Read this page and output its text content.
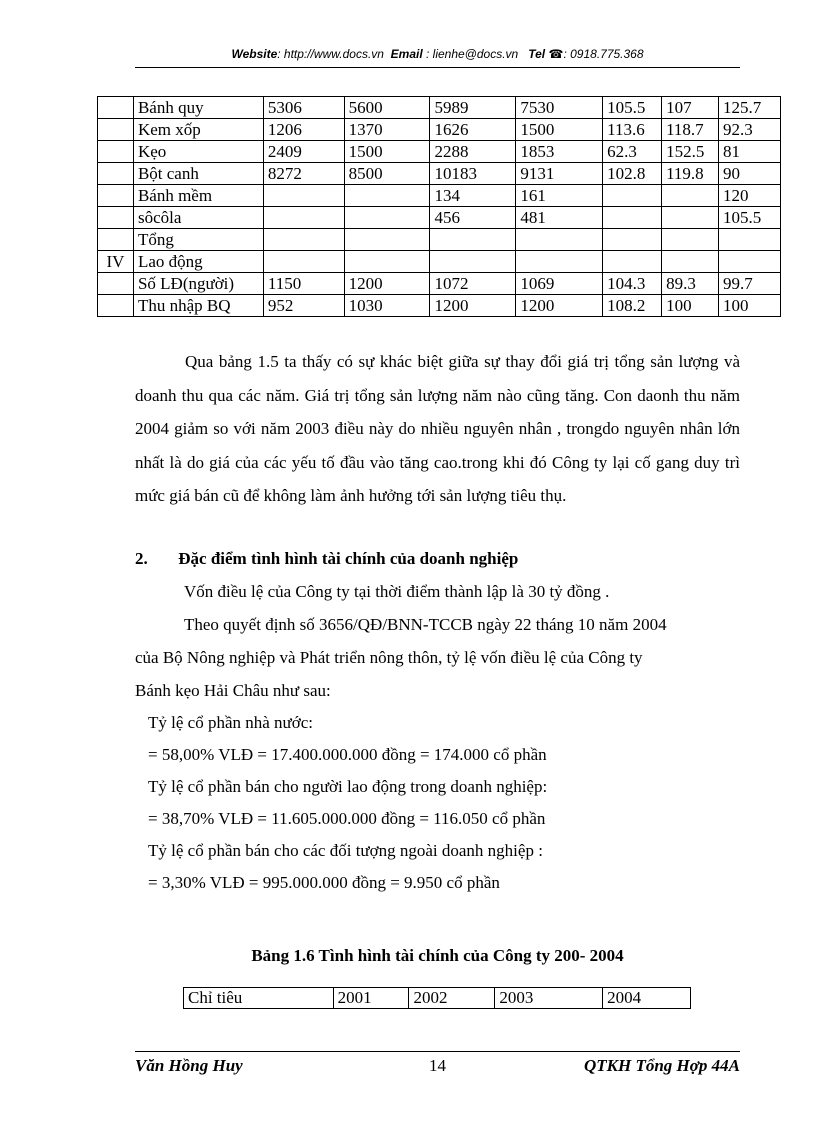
Website: http://www.docs.vn Email : lienhe@docs.vn Tel ☎: 0918.775.368
	Bánh quy	5306	5600	5989	7530	105.5	107	125.7
	Kem xốp	1206	1370	1626	1500	113.6	118.7	92.3
	Kẹo	2409	1500	2288	1853	62.3	152.5	81
	Bột canh	8272	8500	10183	9131	102.8	119.8	90
	Bánh mềm			134	161			120
	sôcôla			456	481			105.5
	Tổng							
IV	Lao động							
	Số LĐ(người)	1150	1200	1072	1069	104.3	89.3	99.7
	Thu nhập BQ	952	1030	1200	1200	108.2	100	100
Qua bảng 1.5 ta thấy có sự khác biệt giữa sự thay đổi giá trị tổng sản lượng và doanh thu qua các năm. Giá trị tổng sản lượng năm nào cũng tăng. Con daonh thu năm 2004 giảm so với năm 2003 điều này do nhiều nguyên nhân , trongdo nguyên nhân lớn nhất là do giá của các yếu tố đầu vào tăng cao.trong khi đó Công ty lại cố gang duy trì mức giá bán cũ để không làm ảnh hưởng tới sản lượng tiêu thụ.
2. Đặc điểm tình hình tài chính của doanh nghiệp
Vốn điều lệ của Công ty tại thời điểm thành lập là 30 tỷ đồng .
Theo quyết định số 3656/QĐ/BNN-TCCB ngày 22 tháng 10 năm 2004
của Bộ Nông nghiệp và Phát triển nông thôn, tỷ lệ vốn điều lệ của Công ty
Bánh kẹo Hải Châu như sau:
Tỷ lệ cổ phần nhà nước:
= 58,00% VLĐ = 17.400.000.000 đồng = 174.000 cổ phần
Tỷ lệ cổ phần bán cho người lao động trong doanh nghiệp:
= 38,70% VLĐ = 11.605.000.000 đồng = 116.050 cổ phần
Tỷ lệ cổ phần bán cho các đối tượng ngoài doanh nghiệp :
= 3,30% VLĐ = 995.000.000 đồng = 9.950 cổ phần
Bảng 1.6 Tình hình tài chính của Công ty 200- 2004
Chỉ tiêu	2001	2002	2003	2004
Văn Hồng Huy	14	QTKH Tổng Hợp 44A
